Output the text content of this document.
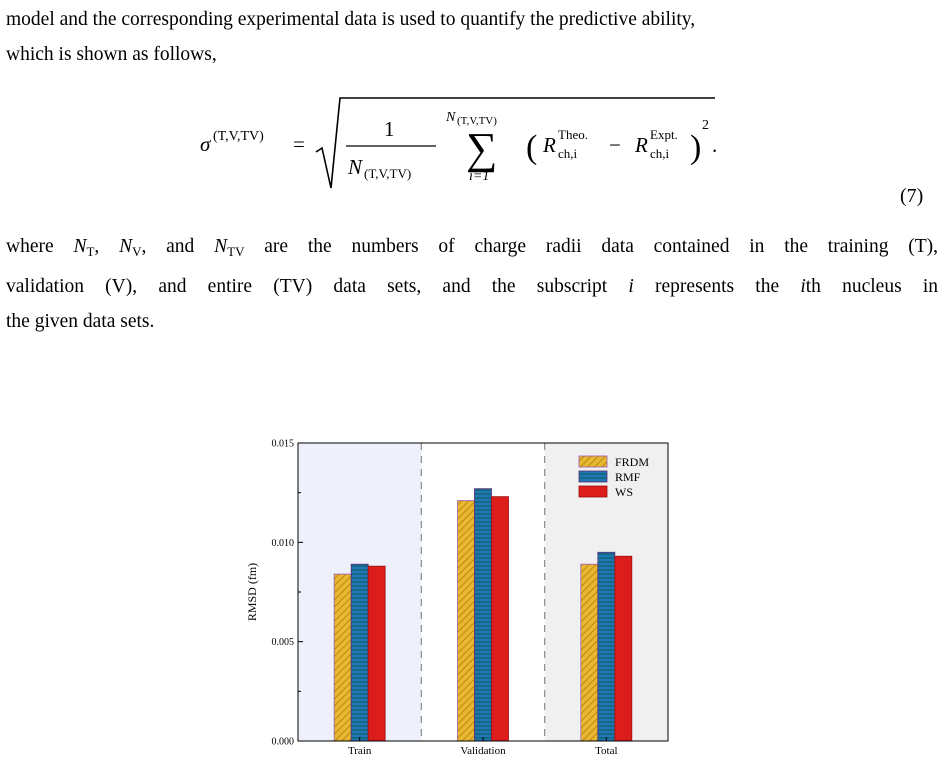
model and the corresponding experimental data is used to quantify the predictive ability,
which is shown as follows,

σ (T,V,TV) =
1
N (T,V,TV)
N (T,V,TV)
∑
i=1
( R Theo.
ch,i − R Expt.
ch,i )
2
.
(7)

where $N_T$, $N_V$, and $N_{TV}$ are the numbers of charge radii data contained in the training (T),
validation (V), and entire (TV) data sets, and the subscript i represents the ith nucleus in
the given data sets.

0.000
0.005
0.010
0.015
Train	Validation	Total
RMSD (fm)
FRDM
RMF
WS
